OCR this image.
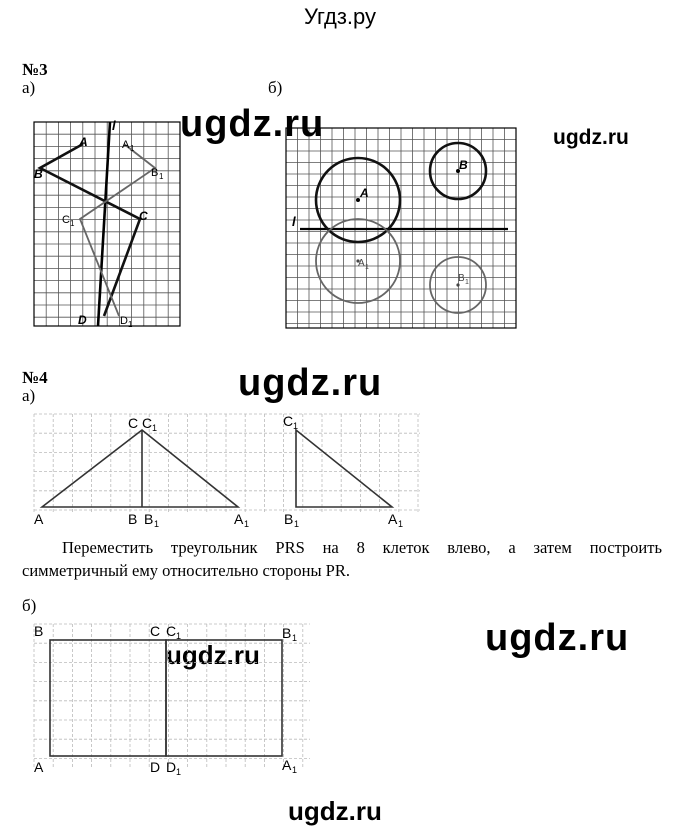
Угдз.ру
№3
а)	б)
l
A	A 1
B	B 1
C 1
C
D	D 1
l
A
B
A 1
B 1
ugdz.ru	ugdz.ru
ugdz.ru
ugdz.ru
ugdz.ru
ugdz.ru
№4
а)
C C 1	C 1
A	B B 1	A 1 B 1	A 1
Переместить треугольник PRS на 8 клеток влево, а затем построить
симметричный ему относительно стороны PR.
б)
B	C C 1	B 1
A	D D 1	A 1
